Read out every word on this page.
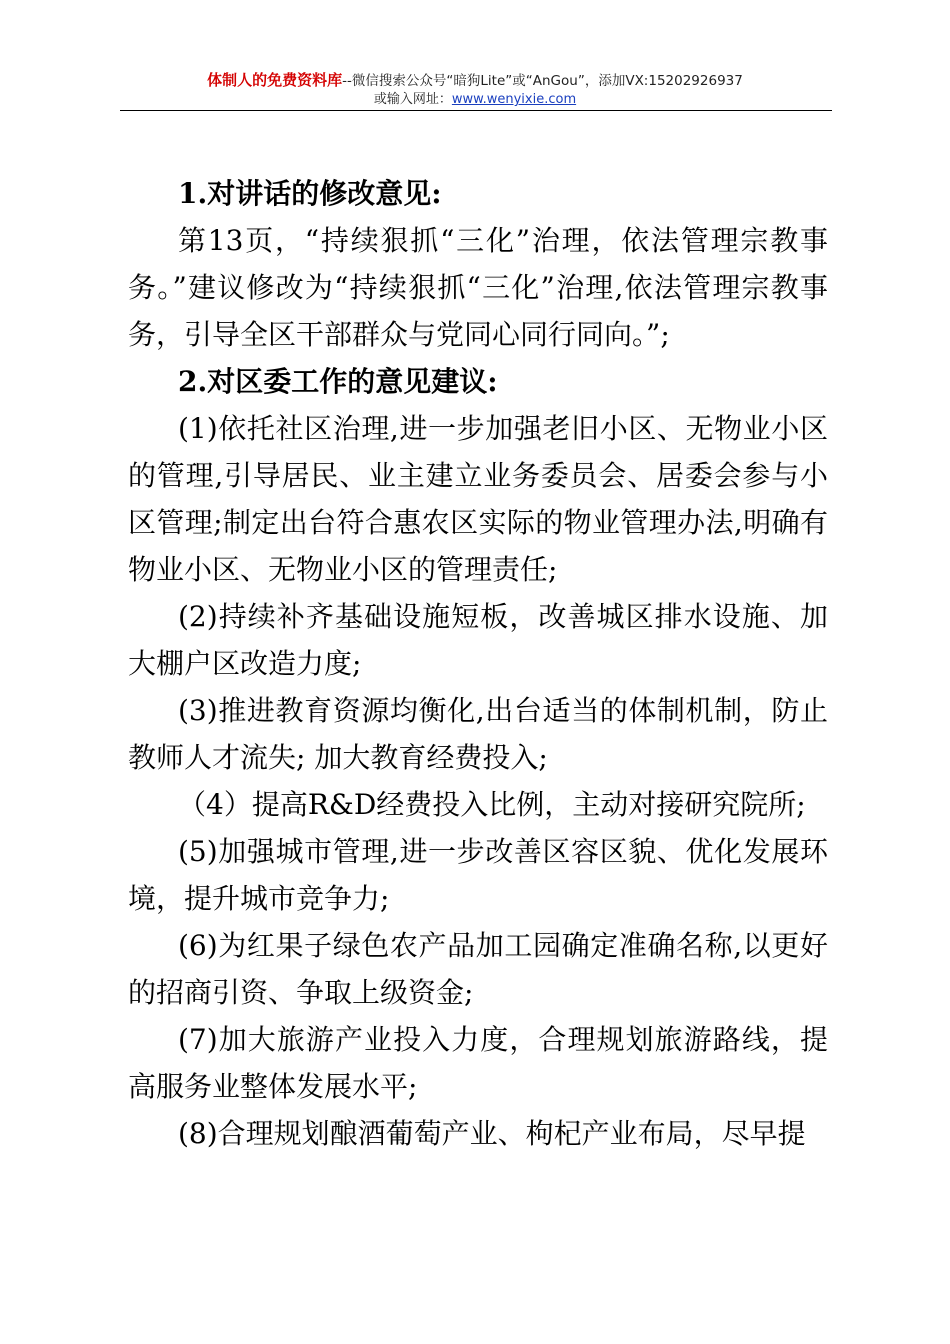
体制人的免费资料库--微信搜索公众号“暗狗Lite”或“AnGou”，添加VX:15202926937
或输入网址：www.wenyixie.com

1.对讲话的修改意见:

第13页，“持续狠抓“三化”治理，依法管理宗教事务。”建议修改为“持续狠抓“三化”治理,依法管理宗教事务，引导全区干部群众与党同心同行同向。”;

2.对区委工作的意见建议:

(1)依托社区治理,进一步加强老旧小区、无物业小区的管理,引导居民、业主建立业务委员会、居委会参与小区管理;制定出台符合惠农区实际的物业管理办法,明确有物业小区、无物业小区的管理责任;

(2)持续补齐基础设施短板，改善城区排水设施、加大棚户区改造力度;

(3)推进教育资源均衡化,出台适当的体制机制，防止教师人才流失; 加大教育经费投入;

（4）提高R&D经费投入比例，主动对接研究院所;

(5)加强城市管理,进一步改善区容区貌、优化发展环境，提升城市竞争力;

(6)为红果子绿色农产品加工园确定准确名称,以更好的招商引资、争取上级资金;

(7)加大旅游产业投入力度，合理规划旅游路线，提高服务业整体发展水平;

(8)合理规划酿酒葡萄产业、枸杞产业布局，尽早提
